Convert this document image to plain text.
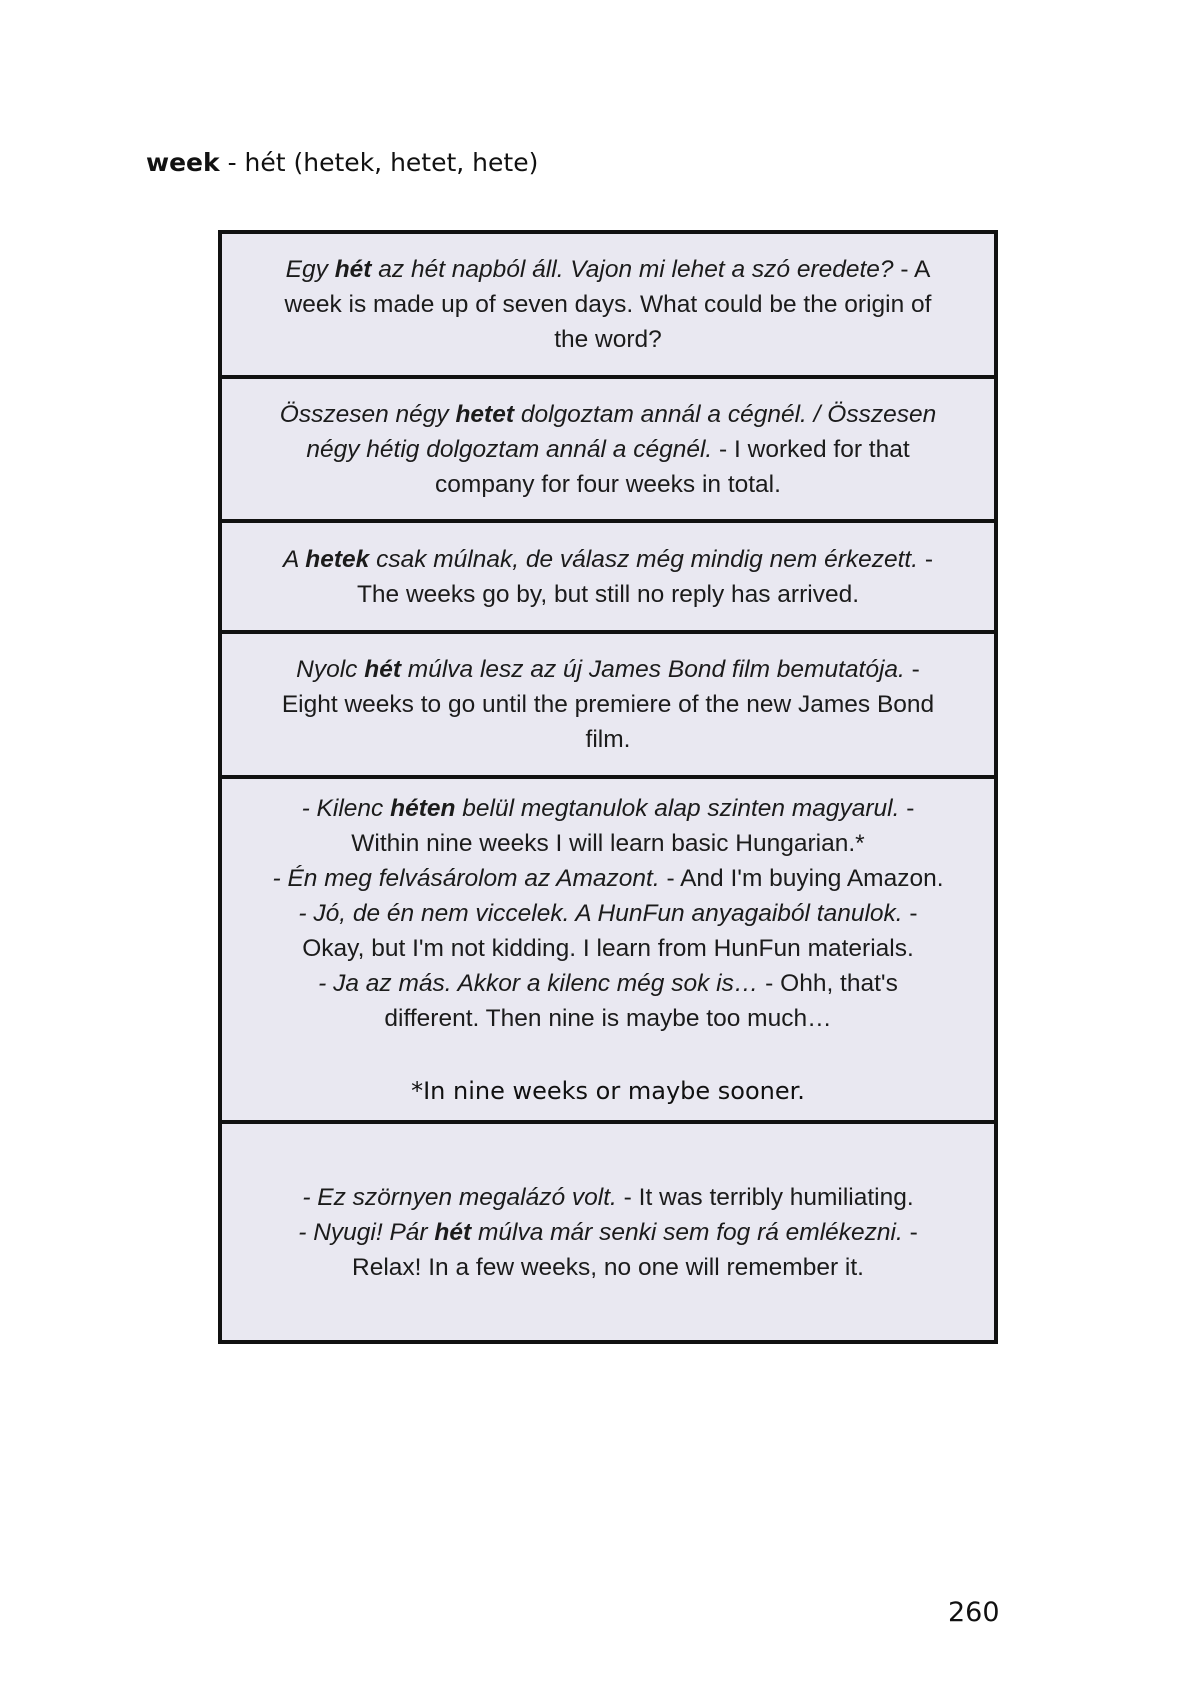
week - hét (hetek, hetet, hete)
Egy hét az hét napból áll. Vajon mi lehet a szó eredete? - A
week is made up of seven days. What could be the origin of
the word?
Összesen négy hetet dolgoztam annál a cégnél. / Összesen
négy hétig dolgoztam annál a cégnél. - I worked for that
company for four weeks in total.
A hetek csak múlnak, de válasz még mindig nem érkezett. -
The weeks go by, but still no reply has arrived.
Nyolc hét múlva lesz az új James Bond film bemutatója. -
Eight weeks to go until the premiere of the new James Bond
film.
- Kilenc héten belül megtanulok alap szinten magyarul. -
Within nine weeks I will learn basic Hungarian.*
- Én meg felvásárolom az Amazont. - And I'm buying Amazon.
- Jó, de én nem viccelek. A HunFun anyagaiból tanulok. -
Okay, but I'm not kidding. I learn from HunFun materials.
- Ja az más. Akkor a kilenc még sok is… - Ohh, that's
different. Then nine is maybe too much…
*In nine weeks or maybe sooner.
- Ez szörnyen megalázó volt. - It was terribly humiliating.
- Nyugi! Pár hét múlva már senki sem fog rá emlékezni. -
Relax! In a few weeks, no one will remember it.
260
